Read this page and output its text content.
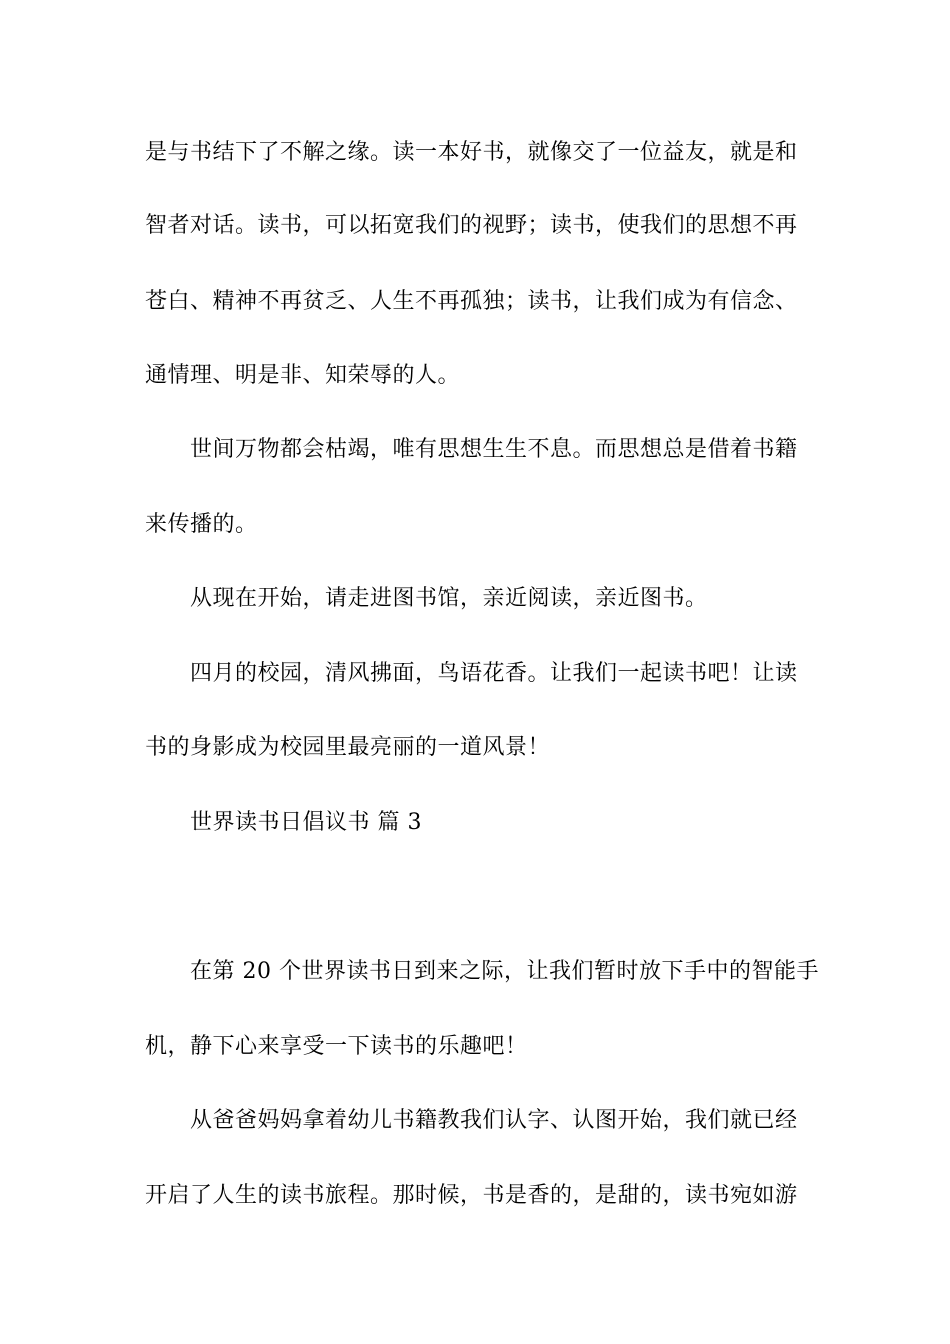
是与书结下了不解之缘。读一本好书，就像交了一位益友，就是和
智者对话。读书，可以拓宽我们的视野；读书，使我们的思想不再
苍白、精神不再贫乏、人生不再孤独；读书，让我们成为有信念、
通情理、明是非、知荣辱的人。
世间万物都会枯竭，唯有思想生生不息。而思想总是借着书籍
来传播的。
从现在开始，请走进图书馆，亲近阅读，亲近图书。
四月的校园，清风拂面，鸟语花香。让我们一起读书吧！让读
书的身影成为校园里最亮丽的一道风景！
世界读书日倡议书 篇 3
在第 20 个世界读书日到来之际，让我们暂时放下手中的智能手
机，静下心来享受一下读书的乐趣吧！
从爸爸妈妈拿着幼儿书籍教我们认字、认图开始，我们就已经
开启了人生的读书旅程。那时候，书是香的，是甜的，读书宛如游
